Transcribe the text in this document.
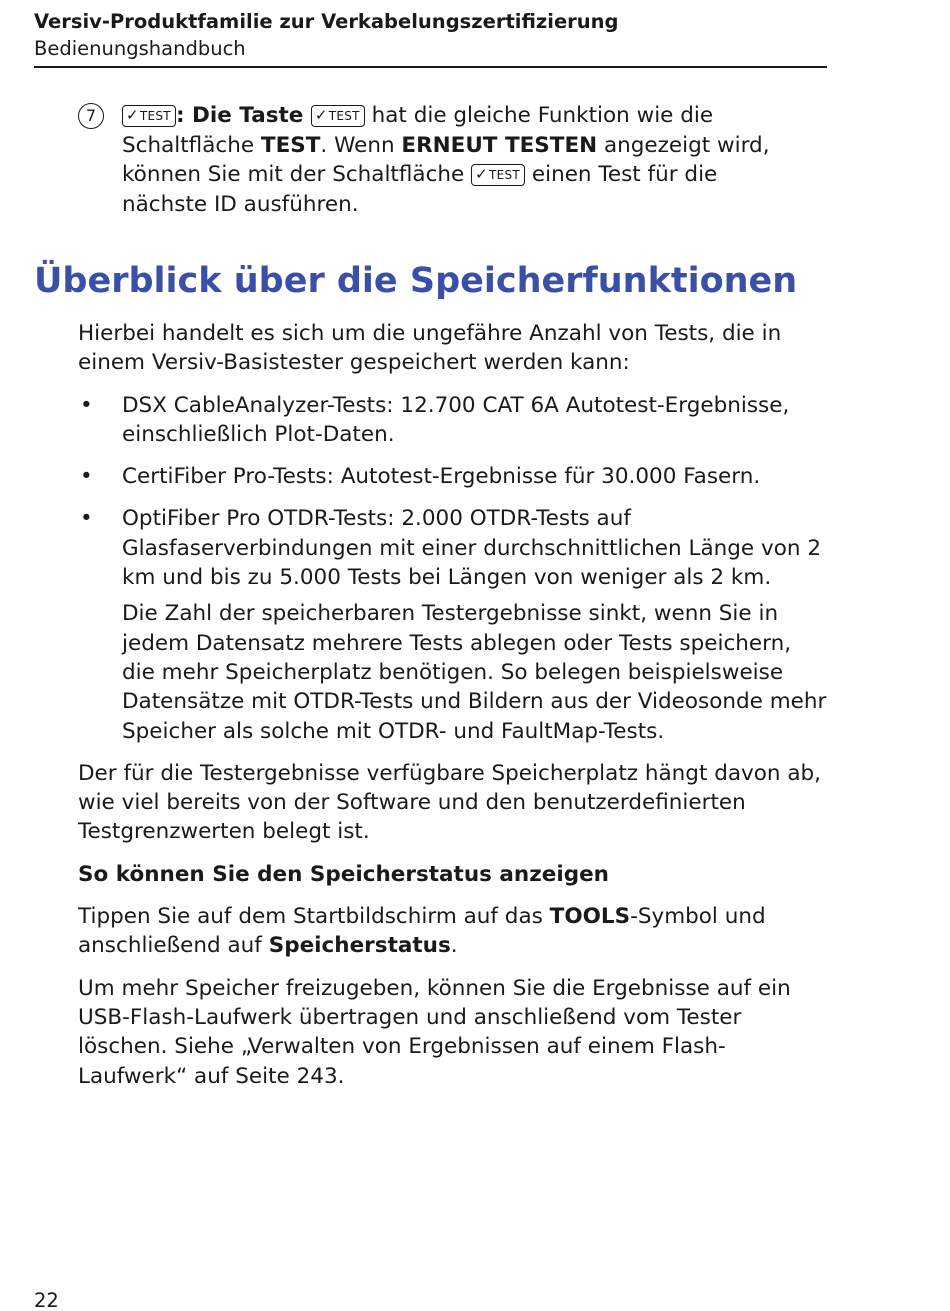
Versiv-Produktfamilie zur Verkabelungszertifizierung
Bedienungshandbuch
7	✓TEST : Die Taste ✓TEST hat die gleiche Funktion wie die Schaltfläche TEST. Wenn ERNEUT TESTEN angezeigt wird, können Sie mit der Schaltfläche ✓TEST einen Test für die nächste ID ausführen.
Überblick über die Speicherfunktionen

Hierbei handelt es sich um die ungefähre Anzahl von Tests, die in einem Versiv-Basistester gespeichert werden kann:

• DSX CableAnalyzer-Tests: 12.700 CAT 6A Autotest-Ergebnisse, einschließlich Plot-Daten.
• CertiFiber Pro-Tests: Autotest-Ergebnisse für 30.000 Fasern.
• OptiFiber Pro OTDR-Tests: 2.000 OTDR-Tests auf Glasfaserverbindungen mit einer durchschnittlichen Länge von 2 km und bis zu 5.000 Tests bei Längen von weniger als 2 km.

Die Zahl der speicherbaren Testergebnisse sinkt, wenn Sie in jedem Datensatz mehrere Tests ablegen oder Tests speichern, die mehr Speicherplatz benötigen. So belegen beispielsweise Datensätze mit OTDR-Tests und Bildern aus der Videosonde mehr Speicher als solche mit OTDR- und FaultMap-Tests.

Der für die Testergebnisse verfügbare Speicherplatz hängt davon ab, wie viel bereits von der Software und den benutzerdefinierten Testgrenzwerten belegt ist.

So können Sie den Speicherstatus anzeigen

Tippen Sie auf dem Startbildschirm auf das TOOLS-Symbol und anschließend auf Speicherstatus.

Um mehr Speicher freizugeben, können Sie die Ergebnisse auf ein USB-Flash-Laufwerk übertragen und anschließend vom Tester löschen. Siehe „Verwalten von Ergebnissen auf einem Flash-Laufwerk“ auf Seite 243.

22
